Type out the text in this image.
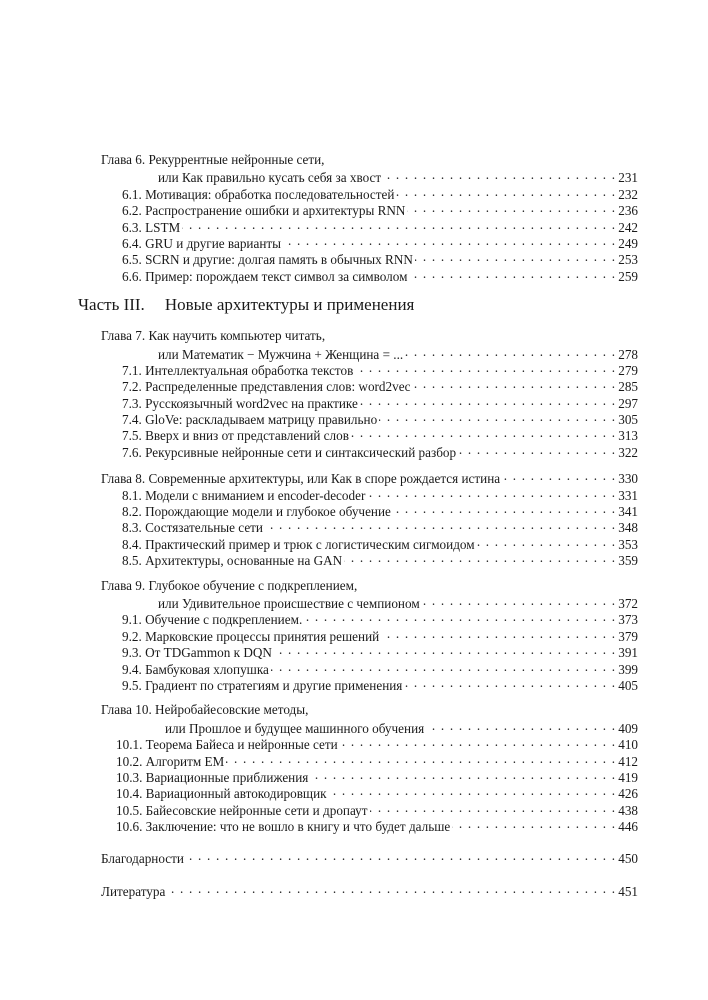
Глава 6. Рекуррентные нейронные сети,
или Как правильно кусать себя за хвост . . .	231
6.1. Мотивация: обработка последовательностей . . .	232
6.2. Распространение ошибки и архитектуры RNN . . .	236
6.3. LSTM . . .	242
6.4. GRU и другие варианты . . .	249
6.5. SCRN и другие: долгая память в обычных RNN . . .	253
6.6. Пример: порождаем текст символ за символом . . .	259
Часть III. Новые архитектуры и применения
Глава 7. Как научить компьютер читать,
или Математик − Мужчина + Женщина = ... . . .	278
7.1. Интеллектуальная обработка текстов . . .	279
7.2. Распределенные представления слов: word2vec . . .	285
7.3. Русскоязычный word2vec на практике . . .	297
7.4. GloVe: раскладываем матрицу правильно . . .	305
7.5. Вверх и вниз от представлений слов . . .	313
7.6. Рекурсивные нейронные сети и синтаксический разбор . . .	322
Глава 8. Современные архитектуры, или Как в споре рождается истина . . .	330
8.1. Модели с вниманием и encoder-decoder . . .	331
8.2. Порождающие модели и глубокое обучение . . .	341
8.3. Состязательные сети . . .	348
8.4. Практический пример и трюк с логистическим сигмоидом . . .	353
8.5. Архитектуры, основанные на GAN . . .	359
Глава 9. Глубокое обучение с подкреплением,
или Удивительное происшествие с чемпионом . . .	372
9.1. Обучение с подкреплением. . . .	373
9.2. Марковские процессы принятия решений . . .	379
9.3. От TDGammon к DQN . . .	391
9.4. Бамбуковая хлопушка . . .	399
9.5. Градиент по стратегиям и другие применения . . .	405
Глава 10. Нейробайесовские методы,
или Прошлое и будущее машинного обучения . . .	409
10.1. Теорема Байеса и нейронные сети . . .	410
10.2. Алгоритм EM . . .	412
10.3. Вариационные приближения . . .	419
10.4. Вариационный автокодировщик . . .	426
10.5. Байесовские нейронные сети и дропаут . . .	438
10.6. Заключение: что не вошло в книгу и что будет дальше . . .	446
Благодарности . . .	450
Литература . . .	451
